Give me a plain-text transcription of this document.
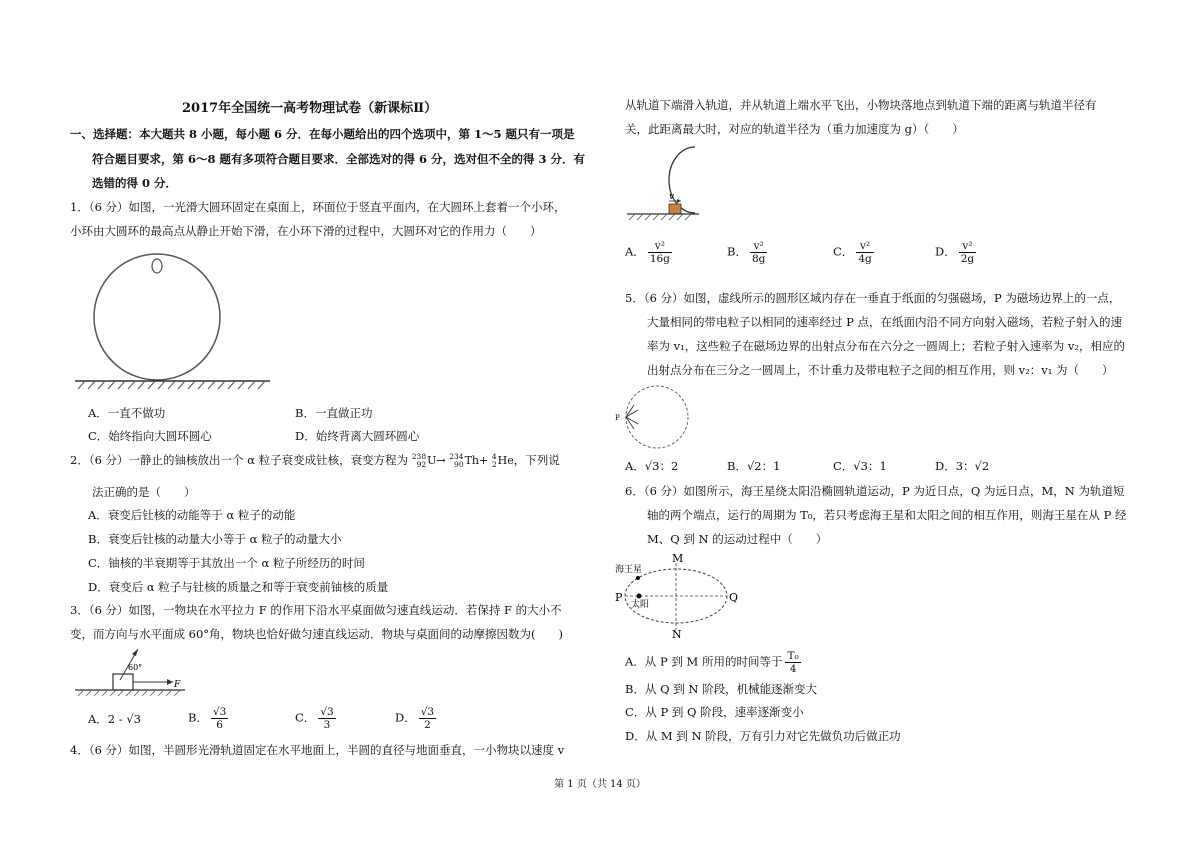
2017年全国统一高考物理试卷（新课标Ⅱ）
一、选择题：本大题共 8 小题，每小题 6 分．在每小题给出的四个选项中，第 1～5 题只有一项是
符合题目要求，第 6～8 题有多项符合题目要求．全部选对的得 6 分，选对但不全的得 3 分．有
选错的得 0 分．
1．（6 分）如图，一光滑大圆环固定在桌面上，环面位于竖直平面内，在大圆环上套着一个小环，
小环由大圆环的最高点从静止开始下滑，在小环下滑的过程中，大圆环对它的作用力（　　）
A．一直不做功	B．一直做正功
C．始终指向大圆环圆心	D．始终背离大圆环圆心
2．（6 分）一静止的铀核放出一个 α 粒子衰变成钍核，衰变方程为 238
92 U→ 234
90 Th+ 4
2 He，下列说
法正确的是（　　）
A．衰变后钍核的动能等于 α 粒子的动能
B．衰变后钍核的动量大小等于 α 粒子的动量大小
C．铀核的半衰期等于其放出一个 α 粒子所经历的时间
D．衰变后 α 粒子与钍核的质量之和等于衰变前铀核的质量
3．（6 分）如图，一物块在水平拉力 F 的作用下沿水平桌面做匀速直线运动．若保持 F 的大小不
变，而方向与水平面成 60°角，物块也恰好做匀速直线运动．物块与桌面间的动摩擦因数为(　　)
60°
F
A．2 - √3	B． $\frac{√3}{6}$	C． $\frac{√3}{3}$	D． $\frac{√3}{2}$
4．（6 分）如图，半圆形光滑轨道固定在水平地面上，半圆的直径与地面垂直，一小物块以速度 v
从轨道下端滑入轨道，并从轨道上端水平飞出，小物块落地点到轨道下端的距离与轨道半径有
关，此距离最大时，对应的轨道半径为（重力加速度为 g）（　　）
v
A． $\frac{\text{v²}}{16g}$	B． $\frac{\text{v²}}{8g}$	C． $\frac{\text{v²}}{4g}$	D． $\frac{\text{v²}}{2g}$
5．（6 分）如图，虚线所示的圆形区域内存在一垂直于纸面的匀强磁场，P 为磁场边界上的一点，
大量相同的带电粒子以相同的速率经过 P 点，在纸面内沿不同方向射入磁场，若粒子射入的速
率为 v₁，这些粒子在磁场边界的出射点分布在六分之一圆周上；若粒子射入速率为 v₂，相应的
出射点分布在三分之一圆周上，不计重力及带电粒子之间的相互作用，则 v₂：v₁ 为（　　）
P
A．√3：2	B．√2：1	C．√3：1	D．3：√2
6．（6 分）如图所示，海王星绕太阳沿椭圆轨道运动，P 为近日点，Q 为远日点，M，N 为轨道短
轴的两个端点，运行的周期为 T₀，若只考虑海王星和太阳之间的相互作用，则海王星在从 P 经
M、Q 到 N 的运动过程中（　　）
海王星
太阳
M
N
P	Q
A．从 P 到 M 所用的时间等于 $\frac{\text{T₀}}{4}$
B．从 Q 到 N 阶段，机械能逐渐变大
C．从 P 到 Q 阶段，速率逐渐变小
D．从 M 到 N 阶段，万有引力对它先做负功后做正功
第 1 页（共 14 页）
